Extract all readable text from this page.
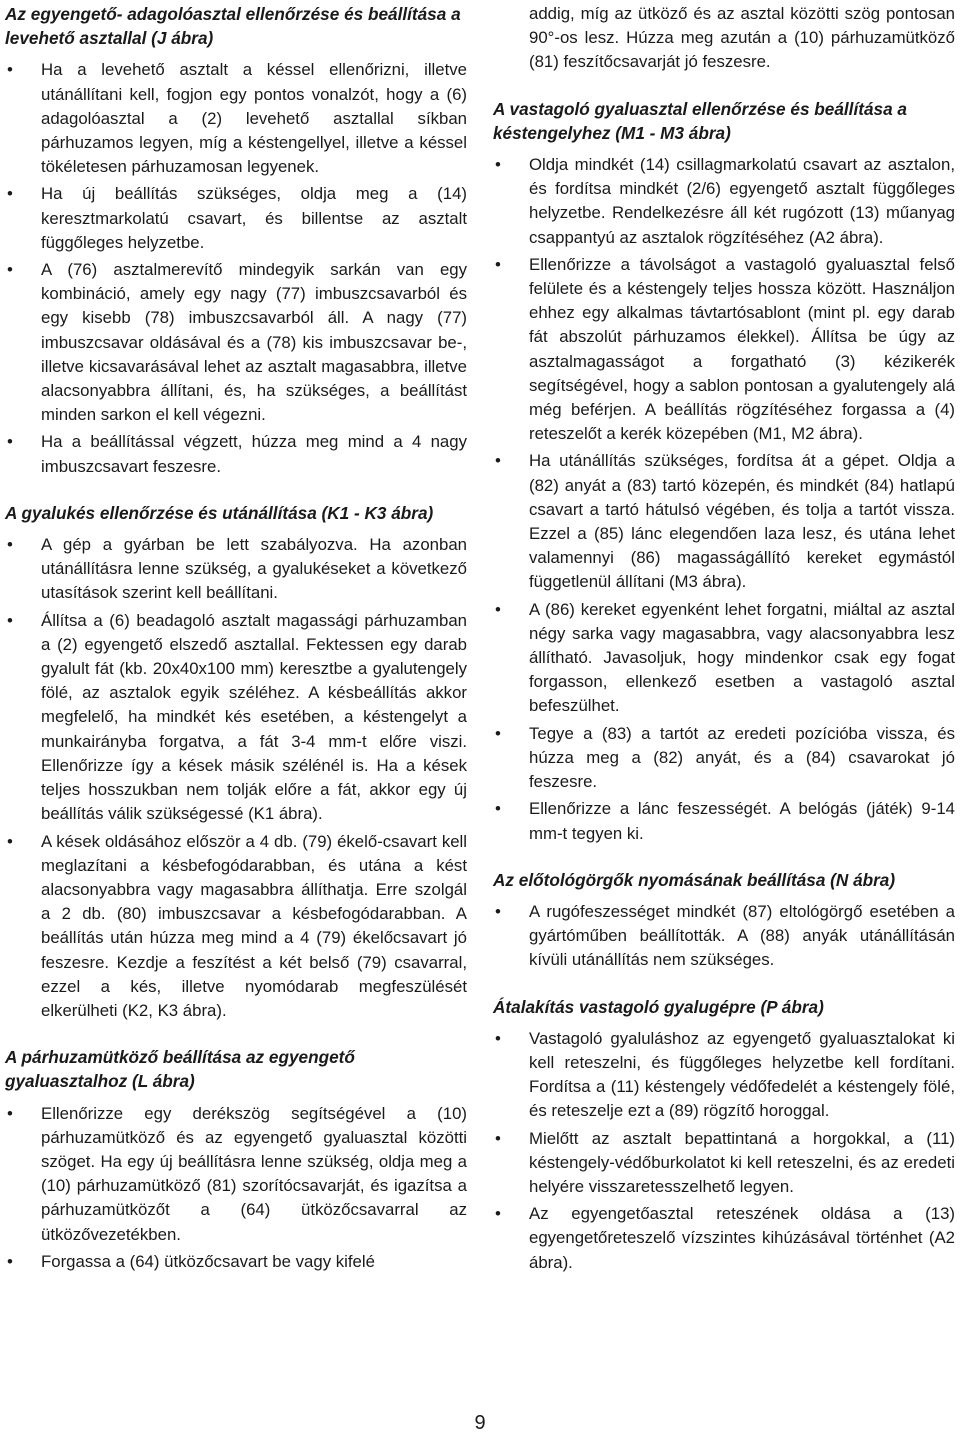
Az egyengető- adagolóasztal ellenőrzése és beállítása a levehető asztallal (J ábra)
• Ha a levehető asztalt a késsel ellenőrizni, illetve utánállítani kell, fogjon egy pontos vonalzót, hogy a (6) adagolóasztal a (2) levehető asztallal síkban párhuzamos legyen, míg a késtengellyel, illetve a késsel tökéletesen párhuzamosan legyenek.
• Ha új beállítás szükséges, oldja meg a (14) keresztmarkolatú csavart, és billentse az asztalt függőleges helyzetbe.
• A (76) asztalmerevítő mindegyik sarkán van egy kombináció, amely egy nagy (77) imbuszcsavarból és egy kisebb (78) imbuszcsavarból áll. A nagy (77) imbuszcsavar oldásával és a (78) kis imbuszcsavar be-, illetve kicsavarásával lehet az asztalt magasabbra, illetve alacsonyabbra állítani, és, ha szükséges, a beállítást minden sarkon el kell végezni.
• Ha a beállítással végzett, húzza meg mind a 4 nagy imbuszcsavart feszesre.
A gyalukés ellenőrzése és utánállítása (K1 - K3 ábra)
• A gép a gyárban be lett szabályozva. Ha azonban utánállításra lenne szükség, a gyalukéseket a következő utasítások szerint kell beállítani.
• Állítsa a (6) beadagoló asztalt magassági párhuzamban a (2) egyengető elszedő asztallal. Fektessen egy darab gyalult fát (kb. 20x40x100 mm) keresztbe a gyalutengely fölé, az asztalok egyik széléhez. A késbeállítás akkor megfelelő, ha mindkét kés esetében, a késtengelyt a munkairányba forgatva, a fát 3-4 mm-t előre viszi. Ellenőrizze így a kések másik szélénél is. Ha a kések teljes hosszukban nem tolják előre a fát, akkor egy új beállítás válik szükségessé (K1 ábra).
• A kések oldásához először a 4 db. (79) ékelő-csavart kell meglazítani a késbefogódarabban, és utána a kést alacsonyabbra vagy magasabbra állíthatja. Erre szolgál a 2 db. (80) imbuszcsavar a késbefogódarabban. A beállítás után húzza meg mind a 4 (79) ékelőcsavart jó feszesre. Kezdje a feszítést a két belső (79) csavarral, ezzel a kés, illetve nyomódarab megfeszülését elkerülheti (K2, K3 ábra).
A párhuzamütköző beállítása az egyengető gyaluasztalhoz (L ábra)
• Ellenőrizze egy derékszög segítségével a (10) párhuzamütköző és az egyengető gyaluasztal közötti szöget. Ha egy új beállításra lenne szükség, oldja meg a (10) párhuzamütköző (81) szorítócsavarját, és igazítsa a párhuzamütközőt a (64) ütközőcsavarral az ütközővezetékben.
• Forgassa a (64) ütközőcsavart be vagy kifelé

addig, míg az ütköző és az asztal közötti szög pontosan 90°-os lesz. Húzza meg azután a (10) párhuzamütköző (81) feszítőcsavarját jó feszesre.

A vastagoló gyaluasztal ellenőrzése és beállítása a késtengelyhez (M1 - M3 ábra)
• Oldja mindkét (14) csillagmarkolatú csavart az asztalon, és fordítsa mindkét (2/6) egyengető asztalt függőleges helyzetbe. Rendelkezésre áll két rugózott (13) műanyag csappantyú az asztalok rögzítéséhez (A2 ábra).
• Ellenőrizze a távolságot a vastagoló gyaluasztal felső felülete és a késtengely teljes hossza között. Használjon ehhez egy alkalmas távtartósablont (mint pl. egy darab fát abszolút párhuzamos élekkel). Állítsa be úgy az asztalmagasságot a forgatható (3) kézikerék segítségével, hogy a sablon pontosan a gyalutengely alá még beférjen. A beállítás rögzítéséhez forgassa a (4) reteszelőt a kerék közepében (M1, M2 ábra).
• Ha utánállítás szükséges, fordítsa át a gépet. Oldja a (82) anyát a (83) tartó közepén, és mindkét (84) hatlapú csavart a tartó hátulsó végében, és tolja a tartót vissza. Ezzel a (85) lánc elegendően laza lesz, és utána lehet valamennyi (86) magasságállító kereket egymástól függetlenül állítani (M3 ábra).
• A (86) kereket egyenként lehet forgatni, miáltal az asztal négy sarka vagy magasabbra, vagy alacsonyabbra lesz állítható. Javasoljuk, hogy mindenkor csak egy fogat forgasson, ellenkező esetben a vastagoló asztal befeszülhet.
• Tegye a (83) a tartót az eredeti pozícióba vissza, és húzza meg a (82) anyát, és a (84) csavarokat jó feszesre.
• Ellenőrizze a lánc feszességét. A belógás (játék) 9-14 mm-t tegyen ki.
Az előtológörgők nyomásának beállítása (N ábra)
• A rugófeszességet mindkét (87) eltológörgő esetében a gyártóműben beállították. A (88) anyák utánállításán kívüli utánállítás nem szükséges.
Átalakítás vastagoló gyalugépre (P ábra)
• Vastagoló gyaluláshoz az egyengető gyaluasztalokat ki kell reteszelni, és függőleges helyzetbe kell fordítani. Fordítsa a (11) késtengely védőfedelét a késtengely fölé, és reteszelje ezt a (89) rögzítő horoggal.
• Mielőtt az asztalt bepattintaná a horgokkal, a (11) késtengely-védőburkolatot ki kell reteszelni, és az eredeti helyére visszaretesszelhető legyen.
• Az egyengetőasztal reteszének oldása a (13) egyengetőreteszelő vízszintes kihúzásával történhet (A2 ábra).
9
